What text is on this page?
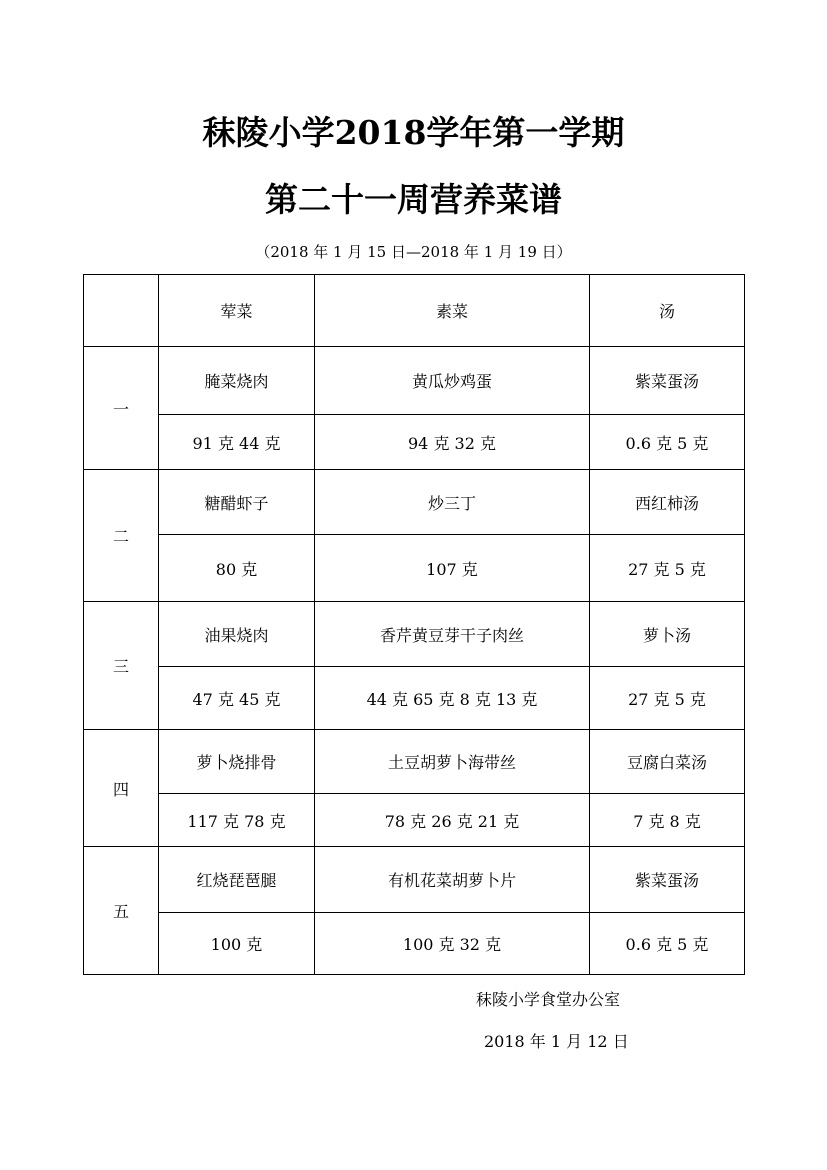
秣陵小学2018学年第一学期
第二十一周营养菜谱
（2018 年 1 月 15 日—2018 年 1 月 19 日）
	荤菜	素菜	汤
一	腌菜烧肉	黄瓜炒鸡蛋	紫菜蛋汤
	91 克 44 克	94 克 32 克	0.6 克 5 克
二	糖醋虾子	炒三丁	西红柿汤
	80 克	107 克	27 克 5 克
三	油果烧肉	香芹黄豆芽干子肉丝	萝卜汤
	47 克 45 克	44 克 65 克 8 克 13 克	27 克 5 克
四	萝卜烧排骨	土豆胡萝卜海带丝	豆腐白菜汤
	117 克 78 克	78 克 26 克 21 克	7 克 8 克
五	红烧琵琶腿	有机花菜胡萝卜片	紫菜蛋汤
	100 克	100 克 32 克	0.6 克 5 克
秣陵小学食堂办公室
2018 年 1 月 12 日
